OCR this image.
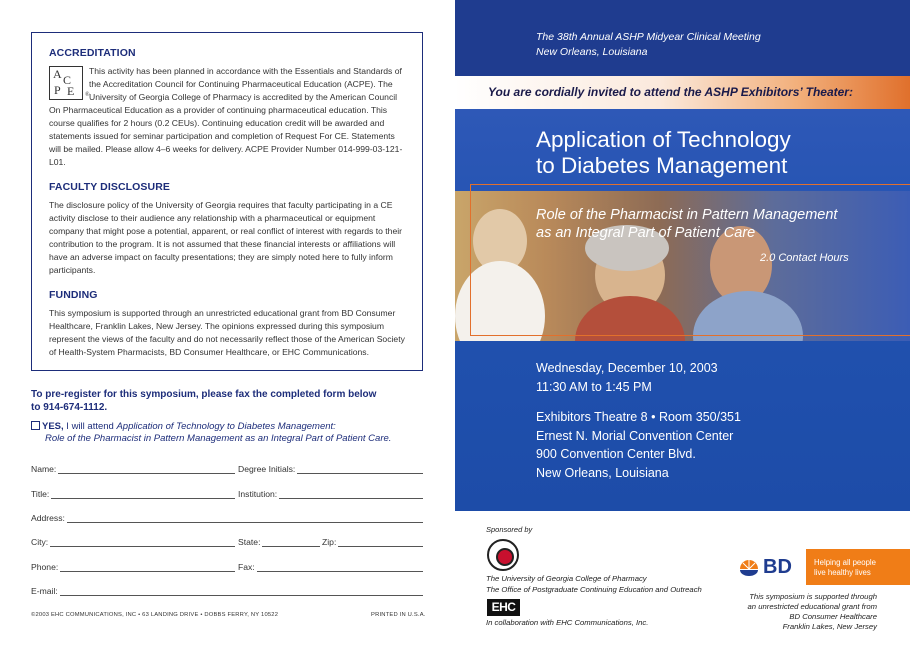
ACCREDITATION
A C
P E ®
This activity has been planned in accordance with the Essentials and Standards of the Accreditation Council for Continuing Pharmaceutical Education (ACPE). The University of Georgia College of Pharmacy is accredited by the American Council On Pharmaceutical Education as a provider of continuing pharmaceutical education. This course qualifies for 2 hours (0.2 CEUs). Continuing education credit will be awarded and statements issued for seminar participation and completion of Request For CE. Statements will be mailed. Please allow 4–6 weeks for delivery. ACPE Provider Number 014-999-03-121-L01.
FACULTY DISCLOSURE
The disclosure policy of the University of Georgia requires that faculty participating in a CE activity disclose to their audience any relationship with a pharmaceutical or equipment company that might pose a potential, apparent, or real conflict of interest with regards to their contribution to the program. It is not assumed that these financial interests or affiliations will have an adverse impact on faculty presentations; they are simply noted here to fully inform participants.
FUNDING
This symposium is supported through an unrestricted educational grant from BD Consumer Healthcare, Franklin Lakes, New Jersey. The opinions expressed during this symposium represent the views of the faculty and do not necessarily reflect those of the American Society of Health-System Pharmacists, BD Consumer Healthcare, or EHC Communications.
To pre-register for this symposium, please fax the completed form below
to 914-674-1112.
YES, I will attend Application of Technology to Diabetes Management:
Role of the Pharmacist in Pattern Management as an Integral Part of Patient Care.
Name:	Degree Initials:
Title:	Institution:
Address:
City:	State:	Zip:
Phone:	Fax:
E-mail:
©2003 EHC COMMUNICATIONS, INC • 63 LANDING DRIVE • DOBBS FERRY, NY 10522	PRINTED IN U.S.A.
The 38th Annual ASHP Midyear Clinical Meeting
New Orleans, Louisiana
You are cordially invited to attend the ASHP Exhibitors’ Theater:
Application of Technology
to Diabetes Management
Role of the Pharmacist in Pattern Management
as an Integral Part of Patient Care
2.0 Contact Hours
Wednesday, December 10, 2003
11:30 AM to 1:45 PM
Exhibitors Theatre 8 • Room 350/351
Ernest N. Morial Convention Center
900 Convention Center Blvd.
New Orleans, Louisiana
Sponsored by
The University of Georgia College of Pharmacy
The Office of Postgraduate Continuing Education and Outreach
EHC
In collaboration with EHC Communications, Inc.
BD	Helping all people
live healthy lives
This symposium is supported through
an unrestricted educational grant from
BD Consumer Healthcare
Franklin Lakes, New Jersey
